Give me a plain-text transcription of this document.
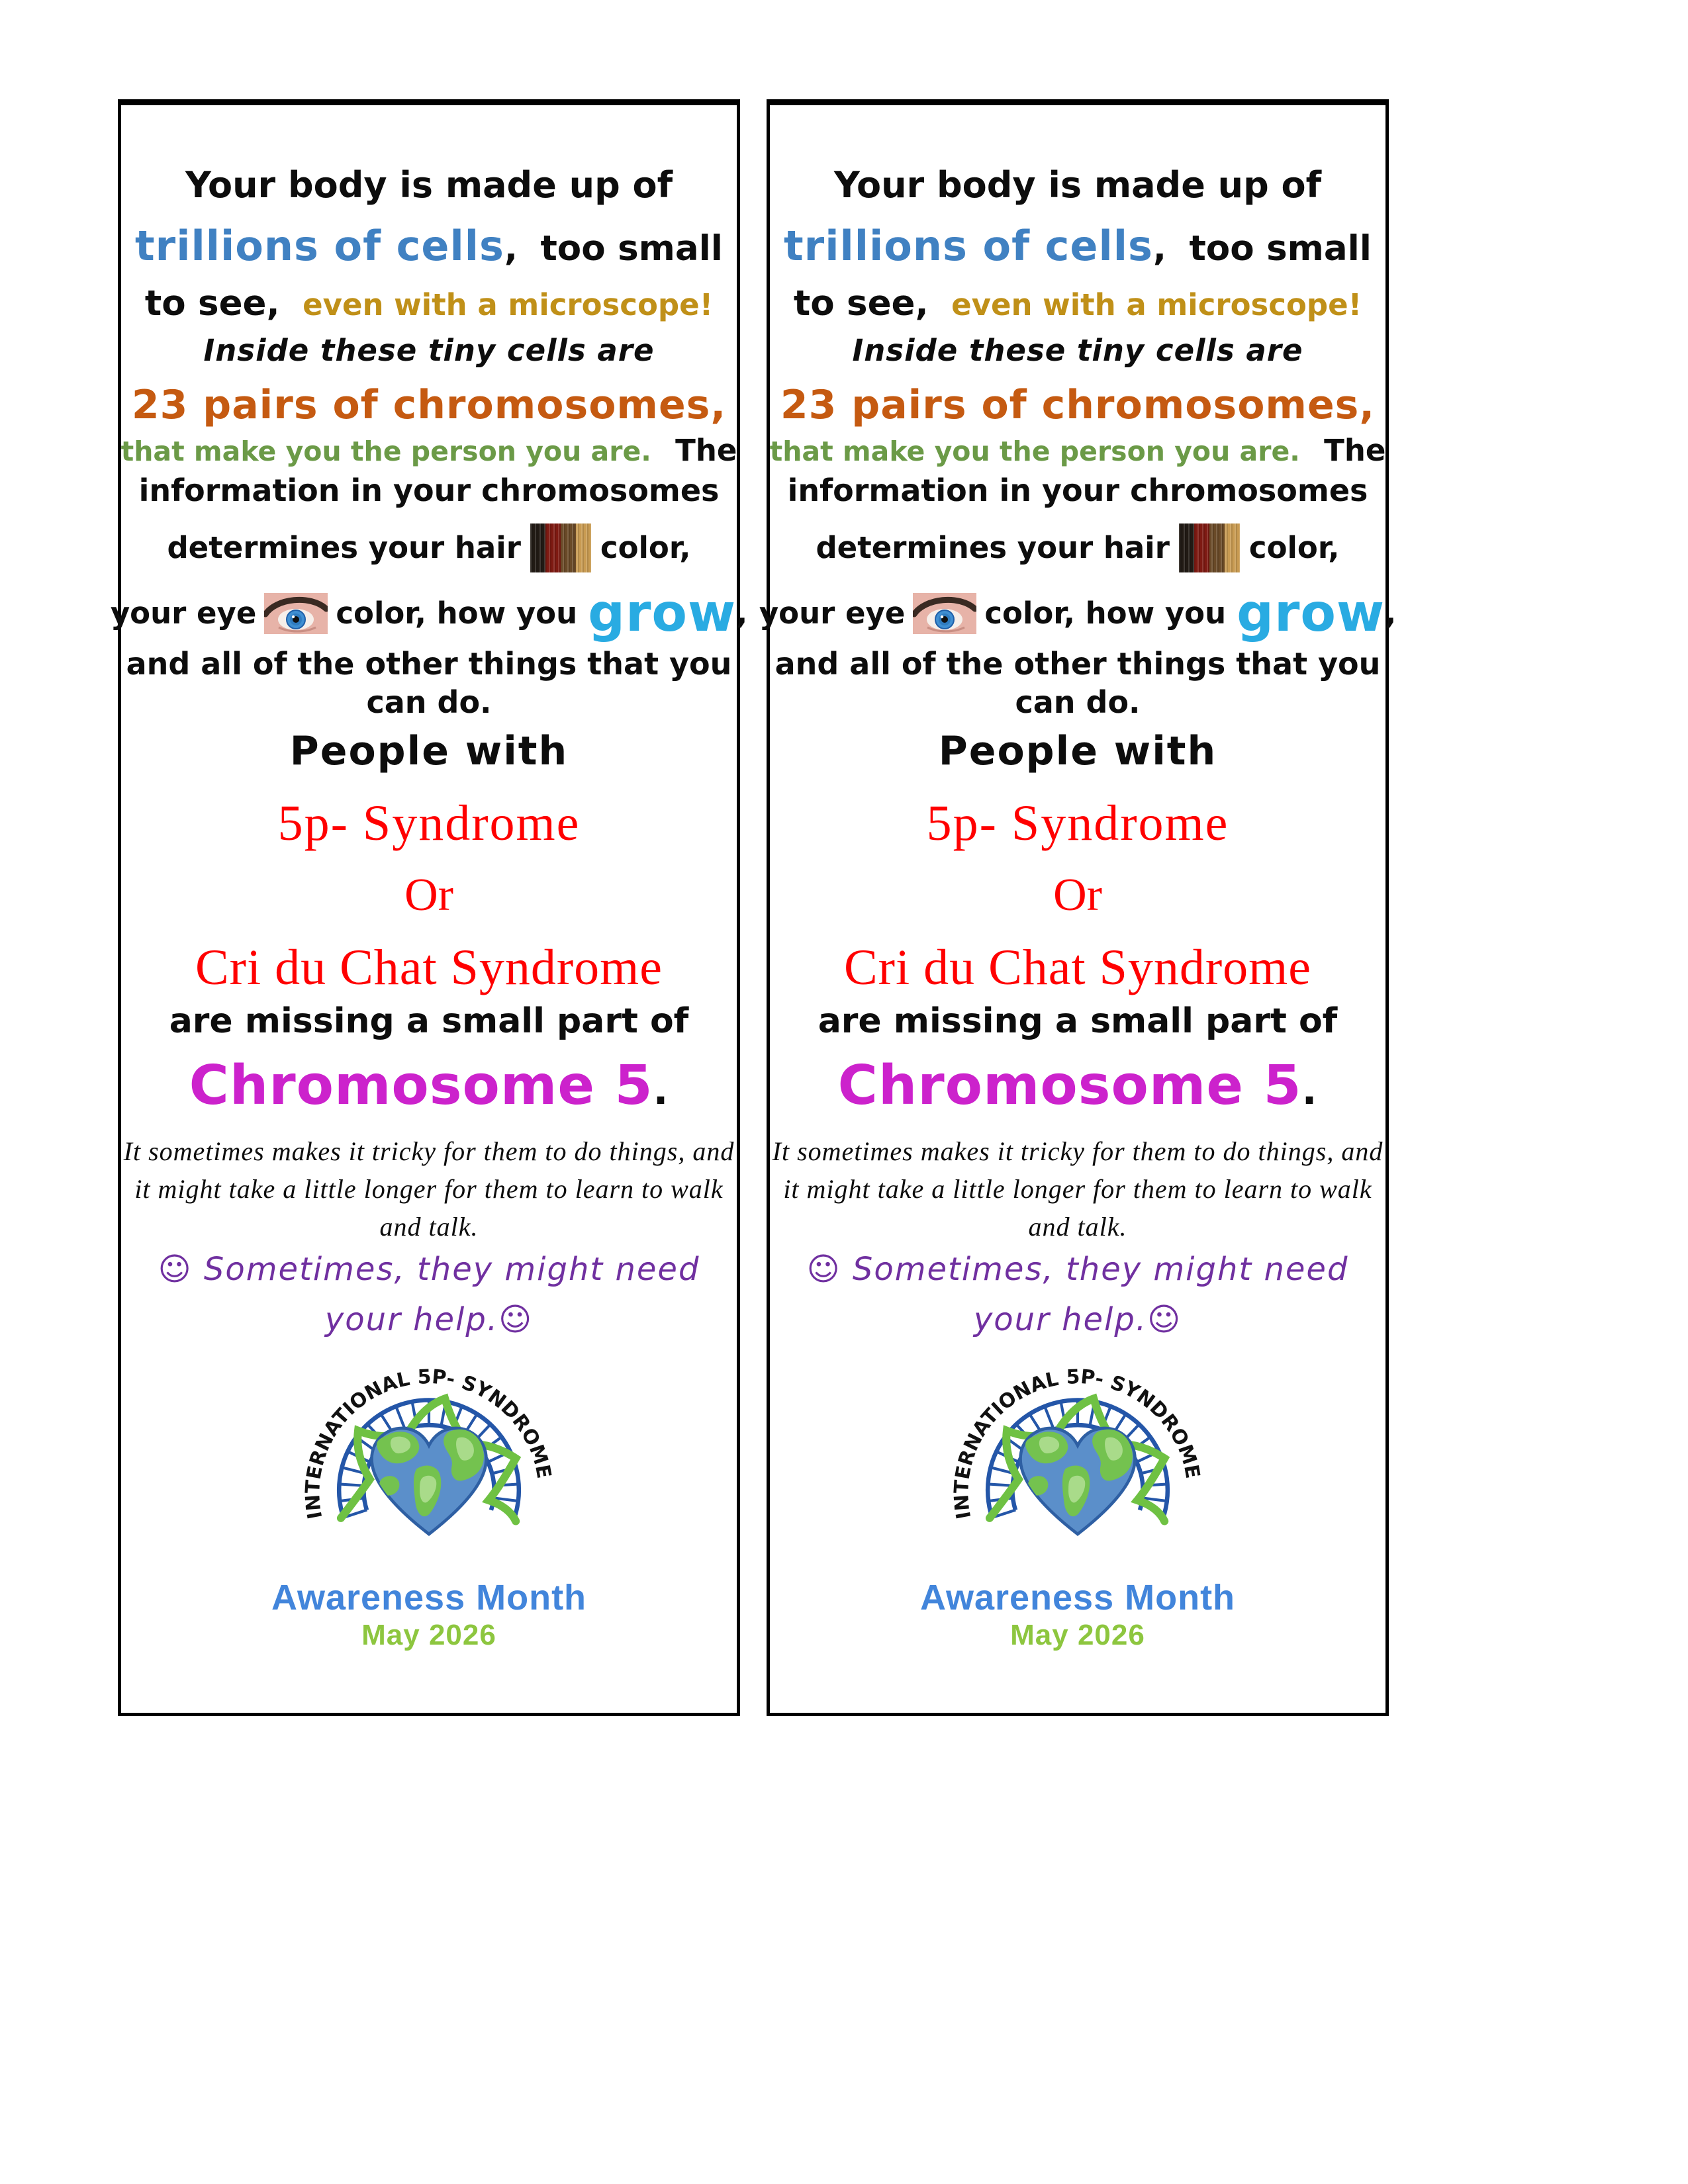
Your body is made up of
trillions of cells, too small
to see, even with a microscope!
Inside these tiny cells are
23 pairs of chromosomes,
that make you the person you are. The
information in your chromosomes
determines your hair	color,
your eye	color, how you grow ,
and all of the other things that you
can do.
People with
5p- Syndrome
Or
Cri du Chat Syndrome
are missing a small part of
Chromosome 5.
It sometimes makes it tricky for them to do things, and
it might take a little longer for them to learn to walk
and talk.
☺ Sometimes, they might need
your help.☺
INTERNATIONAL 5P- SYNDROME
Awareness Month
May 2026
Your body is made up of
trillions of cells, too small
to see, even with a microscope!
Inside these tiny cells are
23 pairs of chromosomes,
that make you the person you are. The
information in your chromosomes
determines your hair	color,
your eye	color, how you grow ,
and all of the other things that you
can do.
People with
5p- Syndrome
Or
Cri du Chat Syndrome
are missing a small part of
Chromosome 5.
It sometimes makes it tricky for them to do things, and
it might take a little longer for them to learn to walk
and talk.
☺ Sometimes, they might need
your help.☺
INTERNATIONAL 5P- SYNDROME
Awareness Month
May 2026
